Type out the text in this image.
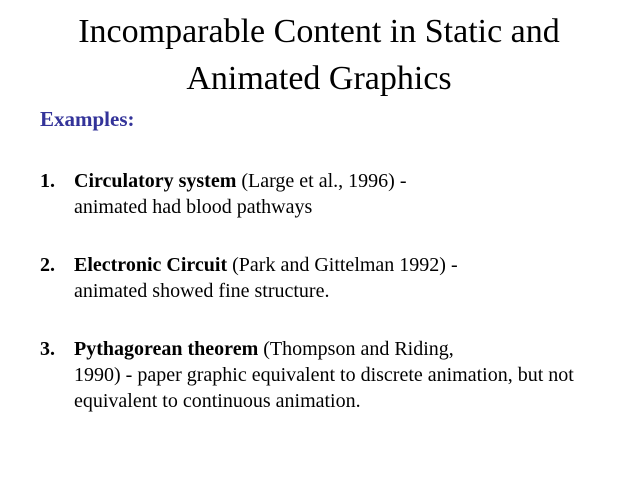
Incomparable Content in Static and
Animated Graphics

Examples:

1. Circulatory system (Large et al., 1996) -
animated had blood pathways
2. Electronic Circuit (Park and Gittelman 1992) -
animated showed fine structure.
3. Pythagorean theorem (Thompson and Riding,
1990) - paper graphic equivalent to discrete animation, but not equivalent to continuous animation.
